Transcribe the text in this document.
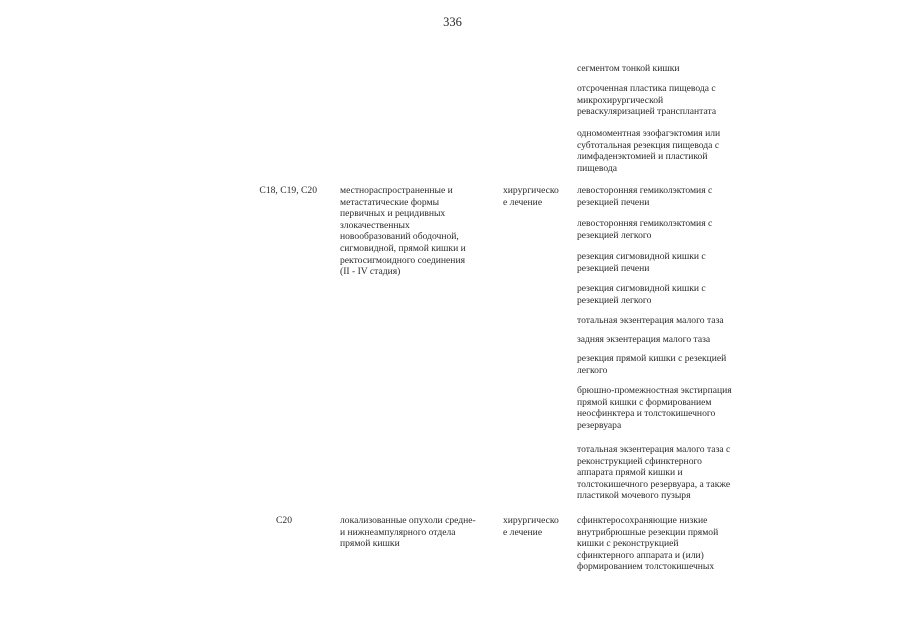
336

сегментом тонкой кишки

отсроченная пластика пищевода с
микрохирургической
реваскуляризацией трансплантата

одномоментная эзофагэктомия или
субтотальная резекция пищевода с
лимфаденэктомией и пластикой
пищевода

C18, C19, C20 местнораспространенные и
метастатические формы
первичных и рецидивных
злокачественных
новообразований ободочной,
сигмовидной, прямой кишки и
ректосигмоидного соединения
(II - IV стадия)

хирургическо
е лечение

левосторонняя гемиколэктомия с
резекцией печени

левосторонняя гемиколэктомия с
резекцией легкого

резекция сигмовидной кишки с
резекцией печени

резекция сигмовидной кишки с
резекцией легкого

тотальная экзентерация малого таза

задняя экзентерация малого таза

резекция прямой кишки с резекцией
легкого

брюшно-промежностная экстирпация
прямой кишки с формированием
неосфинктера и толстокишечного
резервуара

тотальная экзентерация малого таза с
реконструкцией сфинктерного
аппарата прямой кишки и
толстокишечного резервуара, а также
пластикой мочевого пузыря

C20	локализованные опухоли средне-
и нижнеампулярного отдела
прямой кишки

хирургическо
е лечение

сфинктеросохраняющие низкие
внутрибрюшные резекции прямой
кишки с реконструкцией
сфинктерного аппарата и (или)
формированием толстокишечных
